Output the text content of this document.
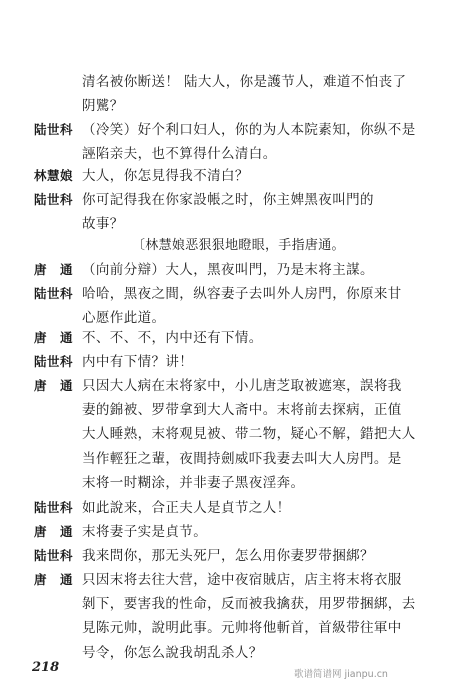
清名被你断送！ 陆大人，你是護节人，难道不怕丧了
阴騭？
陆世科 （冷笑）好个利口妇人，你的为人本院素知，你纵不是
誣陷亲夫，也不算得什么清白。
林慧娘 大人，你怎見得我不清白？
陆世科 你可記得我在你家設帳之时，你主婢黑夜叫門的
故事？
〔林慧娘恶狠狠地瞪眼，手指唐通。
唐　通 （向前分辯）大人，黑夜叫門，乃是末将主謀。
陆世科 哈哈，黑夜之間，纵容妻子去叫外人房門，你原来甘
心愿作此道。
唐　通 不、不、不，内中还有下情。
陆世科 内中有下情？讲！
唐　通 只因大人病在末将家中，小儿唐芝取被遮寒，誤将我
妻的錦被、罗带拿到大人斋中。末将前去探病，正值
大人睡熟，末将观見被、带二物，疑心不解，錯把大人
当作輕狂之輩，夜間持劍威吓我妻去叫大人房門。是
末将一时糊涂，并非妻子黑夜淫奔。
陆世科 如此說来，合正夫人是貞节之人！
唐　通 末将妻子实是貞节。
陆世科 我来問你，那无头死尸，怎么用你妻罗带捆綁？
唐　通 只因末将去往大营，途中夜宿賊店，店主将末将衣服
剝下，要害我的性命，反而被我擒获，用罗带捆綁，去
見陈元帅，說明此事。元帅将他斬首，首級带往軍中
号令，你怎么說我胡乱杀人？
218	歌谱简谱网 jianpu.cn
